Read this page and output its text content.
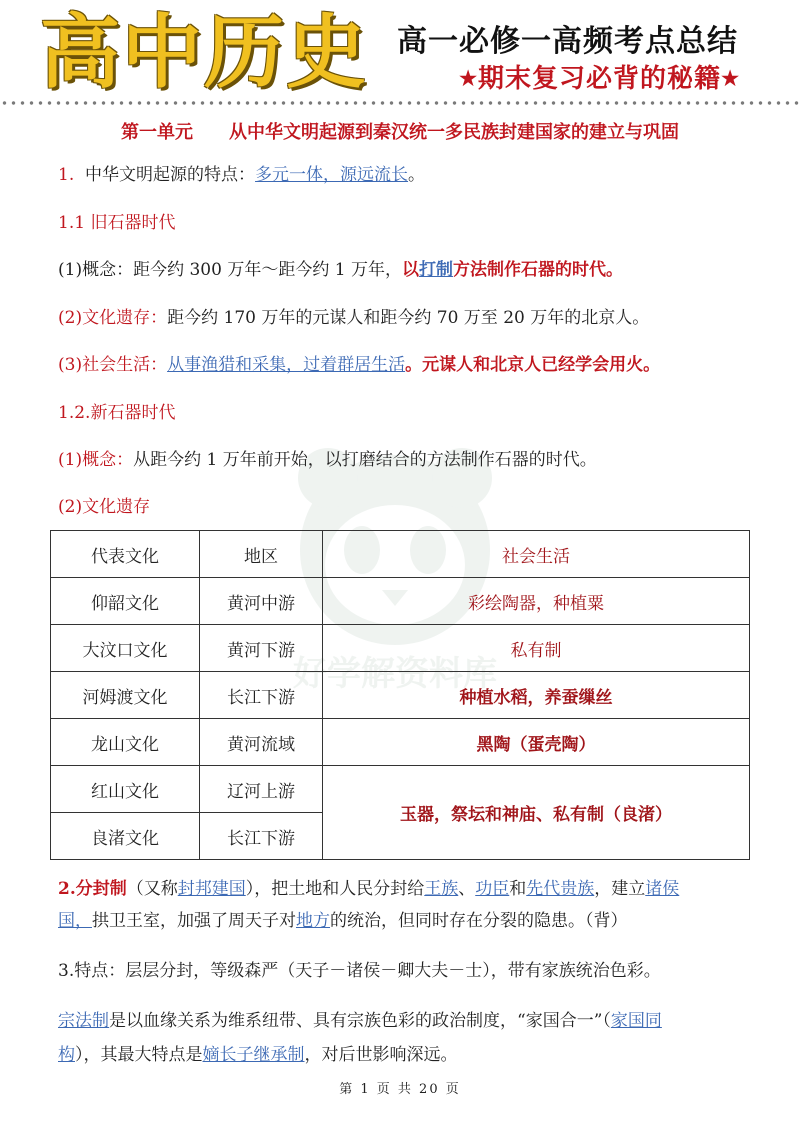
高中历史 高一必修一高频考点总结
★期末复习必背的秘籍★
第一单元 从中华文明起源到秦汉统一多民族封建国家的建立与巩固
好学解资料库
1. 中华文明起源的特点：多元一体，源远流长。
1.1 旧石器时代
(1)概念：距今约 300 万年～距今约 1 万年，以打制方法制作石器的时代。
(2)文化遗存：距今约 170 万年的元谋人和距今约 70 万至 20 万年的北京人。
(3)社会生活：从事渔猎和采集，过着群居生活。元谋人和北京人已经学会用火。
1.2.新石器时代
(1)概念：从距今约 1 万年前开始，以打磨结合的方法制作石器的时代。
(2)文化遗存
代表文化	地区	社会生活
仰韶文化	黄河中游	彩绘陶器，种植粟
大汶口文化	黄河下游	私有制
河姆渡文化	长江下游	种植水稻，养蚕缫丝
龙山文化	黄河流域	黑陶（蛋壳陶）
红山文化	辽河上游	玉器，祭坛和神庙、私有制（良渚）
良渚文化	长江下游	
2.分封制（又称封邦建国），把土地和人民分封给王族、功臣和先代贵族，建立诸侯
国，拱卫王室，加强了周天子对地方的统治，但同时存在分裂的隐患。（背）
3.特点：层层分封，等级森严（天子－诸侯－卿大夫－士），带有家族统治色彩。
宗法制是以血缘关系为维系纽带、具有宗族色彩的政治制度，“家国合一”（家国同
构），其最大特点是嫡长子继承制，对后世影响深远。
第 1 页 共 20 页
